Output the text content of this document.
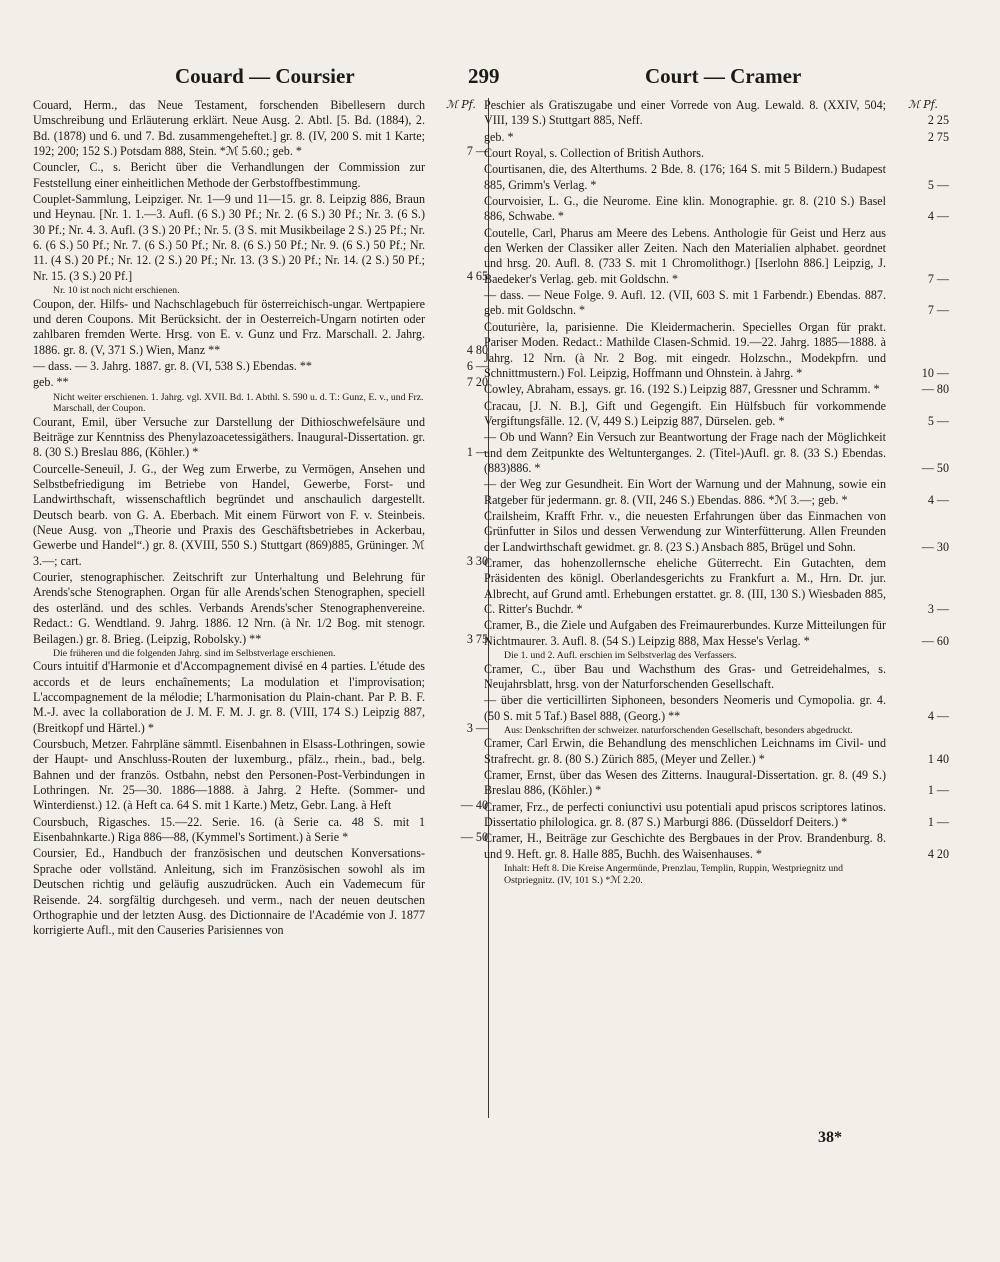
Couard — Coursier	299	Court — Cramer
ℳ Pf.	ℳ Pf.
Couard, Herm., das Neue Testament, forschenden Bibellesern durch Umschreibung und Erläuterung erklärt. Neue Ausg. 2. Abtl. [5. Bd. (1884), 2. Bd. (1878) und 6. und 7. Bd. zusammengeheftet.] gr. 8. (IV, 200 S. mit 1 Karte; 192; 200; 152 S.) Potsdam 888, Stein. *ℳ 5.60.; geb. *	7 —
Councler, C., s. Bericht über die Verhandlungen der Commission zur Feststellung einer einheitlichen Methode der Gerbstoffbestimmung.
Couplet-Sammlung, Leipziger. Nr. 1—9 und 11—15. gr. 8. Leipzig 886, Braun und Heynau. [Nr. 1. 1.—3. Aufl. (6 S.) 30 Pf.; Nr. 2. (6 S.) 30 Pf.; Nr. 3. (6 S.) 30 Pf.; Nr. 4. 3. Aufl. (3 S.) 20 Pf.; Nr. 5. (3 S. mit Musikbeilage 2 S.) 25 Pf.; Nr. 6. (6 S.) 50 Pf.; Nr. 7. (6 S.) 50 Pf.; Nr. 8. (6 S.) 50 Pf.; Nr. 9. (6 S.) 50 Pf.; Nr. 11. (4 S.) 20 Pf.; Nr. 12. (2 S.) 20 Pf.; Nr. 13. (3 S.) 20 Pf.; Nr. 14. (2 S.) 50 Pf.; Nr. 15. (3 S.) 20 Pf.]	4 65
Nr. 10 ist noch nicht erschienen.
Coupon, der. Hilfs- und Nachschlagebuch für österreichisch-ungar. Wertpapiere und deren Coupons. Mit Berücksicht. der in Oesterreich-Ungarn notirten oder zahlbaren fremden Werte. Hrsg. von E. v. Gunz und Frz. Marschall. 2. Jahrg. 1886. gr. 8. (V, 371 S.) Wien, Manz **	4 80
— dass. — 3. Jahrg. 1887. gr. 8. (VI, 538 S.) Ebendas. **	6 —
geb. **	7 20
Nicht weiter erschienen. 1. Jahrg. vgl. XVII. Bd. 1. Abthl. S. 590 u. d. T.: Gunz, E. v., und Frz. Marschall, der Coupon.
Courant, Emil, über Versuche zur Darstellung der Dithioschwefelsäure und Beiträge zur Kenntniss des Phenylazoacetessigäthers. Inaugural-Dissertation. gr. 8. (30 S.) Breslau 886, (Köhler.) *	1 —
Courcelle-Seneuil, J. G., der Weg zum Erwerbe, zu Vermögen, Ansehen und Selbstbefriedigung im Betriebe von Handel, Gewerbe, Forst- und Landwirthschaft, wissenschaftlich begründet und anschaulich dargestellt. Deutsch bearb. von G. A. Eberbach. Mit einem Fürwort von F. v. Steinbeis. (Neue Ausg. von „Theorie und Praxis des Geschäftsbetriebes in Ackerbau, Gewerbe und Handel“.) gr. 8. (XVIII, 550 S.) Stuttgart (869)885, Grüninger. ℳ 3.—; cart.	3 30
Courier, stenographischer. Zeitschrift zur Unterhaltung und Belehrung für Arends'sche Stenographen. Organ für alle Arends'schen Stenographen, speciell des osterländ. und des schles. Verbands Arends'scher Stenographenvereine. Redact.: G. Wendtland. 9. Jahrg. 1886. 12 Nrn. (à Nr. 1/2 Bog. mit stenogr. Beilagen.) gr. 8. Brieg. (Leipzig, Robolsky.) **	3 75
Die früheren und die folgenden Jahrg. sind im Selbstverlage erschienen.
Cours intuitif d'Harmonie et d'Accompagnement divisé en 4 parties. L'étude des accords et de leurs enchaînements; La modulation et l'improvisation; L'accompagnement de la mélodie; L'harmonisation du Plain-chant. Par P. B. F. M.-J. avec la collaboration de J. M. F. M. J. gr. 8. (VIII, 174 S.) Leipzig 887, (Breitkopf und Härtel.) *	3 —
Coursbuch, Metzer. Fahrpläne sämmtl. Eisenbahnen in Elsass-Lothringen, sowie der Haupt- und Anschluss-Routen der luxemburg., pfälz., rhein., bad., belg. Bahnen und der französ. Ostbahn, nebst den Personen-Post-Verbindungen in Lothringen. Nr. 25—30. 1886—1888. à Jahrg. 2 Hefte. (Sommer- und Winterdienst.) 12. (à Heft ca. 64 S. mit 1 Karte.) Metz, Gebr. Lang. à Heft	— 40
Coursbuch, Rigasches. 15.—22. Serie. 16. (à Serie ca. 48 S. mit 1 Eisenbahnkarte.) Riga 886—88, (Kymmel's Sortiment.) à Serie *	— 50
Coursier, Ed., Handbuch der französischen und deutschen Konversations-Sprache oder vollständ. Anleitung, sich im Französischen sowohl als im Deutschen richtig und geläufig auszudrücken. Auch ein Vademecum für Reisende. 24. sorgfältig durchgeseh. und verm., nach der neuen deutschen Orthographie und der letzten Ausg. des Dictionnaire de l'Académie von J. 1877 korrigierte Aufl., mit den Causeries Parisiennes von
Peschier als Gratiszugabe und einer Vorrede von Aug. Lewald. 8. (XXIV, 504; VIII, 139 S.) Stuttgart 885, Neff.	2 25
geb. *	2 75
Court Royal, s. Collection of British Authors.
Courtisanen, die, des Alterthums. 2 Bde. 8. (176; 164 S. mit 5 Bildern.) Budapest 885, Grimm's Verlag. *	5 —
Courvoisier, L. G., die Neurome. Eine klin. Monographie. gr. 8. (210 S.) Basel 886, Schwabe. *	4 —
Coutelle, Carl, Pharus am Meere des Lebens. Anthologie für Geist und Herz aus den Werken der Classiker aller Zeiten. Nach den Materialien alphabet. geordnet und hrsg. 20. Aufl. 8. (733 S. mit 1 Chromolithogr.) [Iserlohn 886.] Leipzig, J. Baedeker's Verlag. geb. mit Goldschn. *	7 —
— dass. — Neue Folge. 9. Aufl. 12. (VII, 603 S. mit 1 Farbendr.) Ebendas. 887. geb. mit Goldschn. *	7 —
Couturière, la, parisienne. Die Kleidermacherin. Specielles Organ für prakt. Pariser Moden. Redact.: Mathilde Clasen-Schmid. 19.—22. Jahrg. 1885—1888. à Jahrg. 12 Nrn. (à Nr. 2 Bog. mit eingedr. Holzschn., Modekpfrn. und Schnittmustern.) Fol. Leipzig, Hoffmann und Ohnstein. à Jahrg. *	10 —
Cowley, Abraham, essays. gr. 16. (192 S.) Leipzig 887, Gressner und Schramm. *	— 80
Cracau, [J. N. B.], Gift und Gegengift. Ein Hülfsbuch für vorkommende Vergiftungsfälle. 12. (V, 449 S.) Leipzig 887, Dürselen. geb. *	5 —
— Ob und Wann? Ein Versuch zur Beantwortung der Frage nach der Möglichkeit und dem Zeitpunkte des Weltunterganges. 2. (Titel-)Aufl. gr. 8. (33 S.) Ebendas. (883)886. *	— 50
— der Weg zur Gesundheit. Ein Wort der Warnung und der Mahnung, sowie ein Ratgeber für jedermann. gr. 8. (VII, 246 S.) Ebendas. 886. *ℳ 3.—; geb. *	4 —
Crailsheim, Krafft Frhr. v., die neuesten Erfahrungen über das Einmachen von Grünfutter in Silos und dessen Verwendung zur Winterfütterung. Allen Freunden der Landwirthschaft gewidmet. gr. 8. (23 S.) Ansbach 885, Brügel und Sohn.	— 30
Cramer, das hohenzollernsche eheliche Güterrecht. Ein Gutachten, dem Präsidenten des königl. Oberlandesgerichts zu Frankfurt a. M., Hrn. Dr. jur. Albrecht, auf Grund amtl. Erhebungen erstattet. gr. 8. (III, 130 S.) Wiesbaden 885, C. Ritter's Buchdr. *	3 —
Cramer, B., die Ziele und Aufgaben des Freimaurerbundes. Kurze Mitteilungen für Nichtmaurer. 3. Aufl. 8. (54 S.) Leipzig 888, Max Hesse's Verlag. *	— 60
Die 1. und 2. Aufl. erschien im Selbstverlag des Verfassers.
Cramer, C., über Bau und Wachsthum des Gras- und Getreidehalmes, s. Neujahrsblatt, hrsg. von der Naturforschenden Gesellschaft.
— über die verticillirten Siphoneen, besonders Neomeris und Cymopolia. gr. 4. (50 S. mit 5 Taf.) Basel 888, (Georg.) **	4 —
Aus: Denkschriften der schweizer. naturforschenden Gesellschaft, besonders abgedruckt.
Cramer, Carl Erwin, die Behandlung des menschlichen Leichnams im Civil- und Strafrecht. gr. 8. (80 S.) Zürich 885, (Meyer und Zeller.) *	1 40
Cramer, Ernst, über das Wesen des Zitterns. Inaugural-Dissertation. gr. 8. (49 S.) Breslau 886, (Köhler.) *	1 —
Cramer, Frz., de perfecti coniunctivi usu potentiali apud priscos scriptores latinos. Dissertatio philologica. gr. 8. (87 S.) Marburgi 886. (Düsseldorf Deiters.) *	1 —
Cramer, H., Beiträge zur Geschichte des Bergbaues in der Prov. Brandenburg. 8. und 9. Heft. gr. 8. Halle 885, Buchh. des Waisenhauses. *	4 20
Inhalt: Heft 8. Die Kreise Angermünde, Prenzlau, Templin, Ruppin, Westpriegnitz und Ostpriegnitz. (IV, 101 S.) *ℳ 2.20.
38*
